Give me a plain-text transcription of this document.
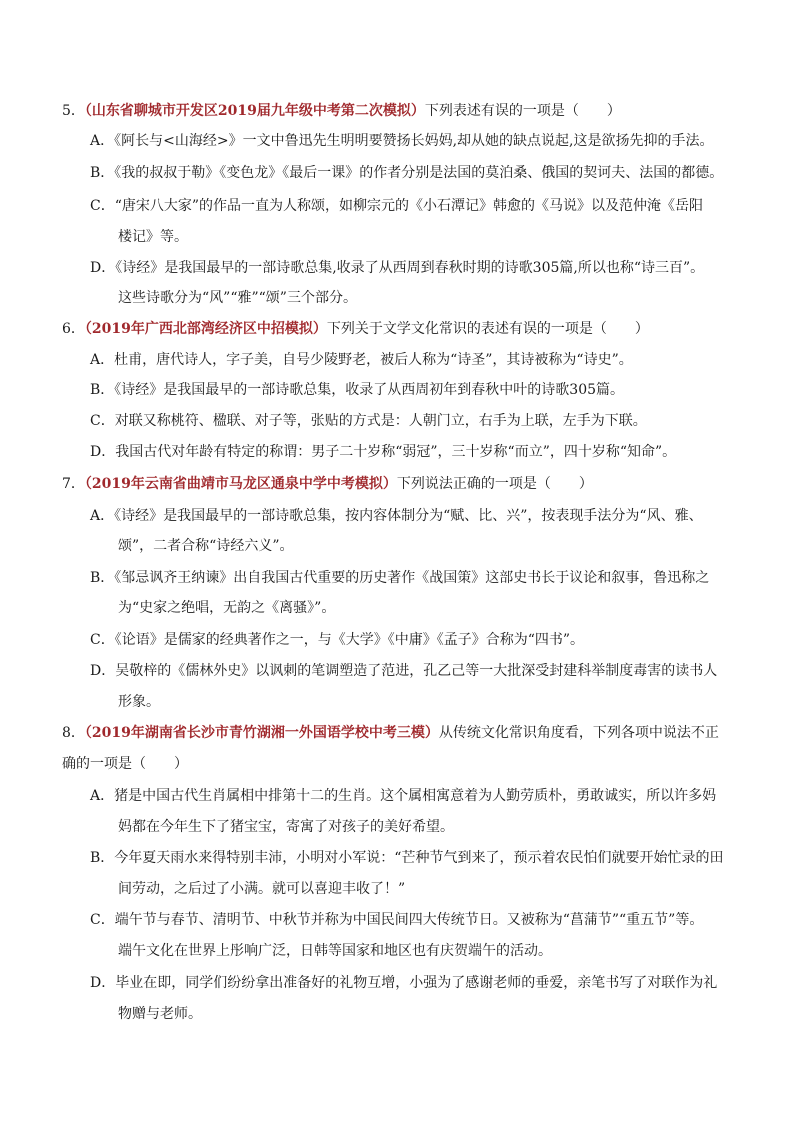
5．（山东省聊城市开发区2019届九年级中考第二次模拟）下列表述有误的一项是（　　）
A．《阿长与<山海经>》一文中鲁迅先生明明要赞扬长妈妈,却从她的缺点说起,这是欲扬先抑的手法。
B．《我的叔叔于勒》《变色龙》《最后一课》的作者分别是法国的莫泊桑、俄国的契诃夫、法国的都德。
C．“唐宋八大家”的作品一直为人称颂，如柳宗元的《小石潭记》韩愈的《马说》以及范仲淹《岳阳
楼记》等。
D．《诗经》是我国最早的一部诗歌总集,收录了从西周到春秋时期的诗歌305篇,所以也称“诗三百”。
这些诗歌分为“风”“雅”“颂”三个部分。
6．（2019年广西北部湾经济区中招模拟）下列关于文学文化常识的表述有误的一项是（　　）
A．杜甫，唐代诗人，字子美，自号少陵野老，被后人称为“诗圣”，其诗被称为“诗史”。
B．《诗经》是我国最早的一部诗歌总集，收录了从西周初年到春秋中叶的诗歌305篇。
C．对联又称桃符、楹联、对子等，张贴的方式是：人朝门立，右手为上联，左手为下联。
D．我国古代对年龄有特定的称谓：男子二十岁称“弱冠”，三十岁称“而立”，四十岁称“知命”。
7．（2019年云南省曲靖市马龙区通泉中学中考模拟）下列说法正确的一项是（　　）
A．《诗经》是我国最早的一部诗歌总集，按内容体制分为“赋、比、兴”，按表现手法分为“风、雅、
颂”，二者合称“诗经六义”。
B．《邹忌讽齐王纳谏》出自我国古代重要的历史著作《战国策》这部史书长于议论和叙事，鲁迅称之
为“史家之绝唱，无韵之《离骚》”。
C．《论语》是儒家的经典著作之一，与《大学》《中庸》《孟子》合称为“四书”。
D．吴敬梓的《儒林外史》以讽刺的笔调塑造了范进，孔乙己等一大批深受封建科举制度毒害的读书人
形象。
8．（2019年湖南省长沙市青竹湖湘一外国语学校中考三模）从传统文化常识角度看，下列各项中说法不正
确的一项是（　　）
A．猪是中国古代生肖属相中排第十二的生肖。这个属相寓意着为人勤劳质朴，勇敢诚实，所以许多妈
妈都在今年生下了猪宝宝，寄寓了对孩子的美好希望。
B．今年夏天雨水来得特别丰沛，小明对小军说：“芒种节气到来了，预示着农民怕们就要开始忙录的田
间劳动，之后过了小满。就可以喜迎丰收了！”
C．端午节与春节、清明节、中秋节并称为中国民间四大传统节日。又被称为“菖蒲节”“重五节”等。
端午文化在世界上彤响广泛，日韩等国家和地区也有庆贺端午的活动。
D．毕业在即，同学们纷纷拿出准备好的礼物互增，小强为了感谢老师的垂爱，亲笔书写了对联作为礼
物赠与老师。
